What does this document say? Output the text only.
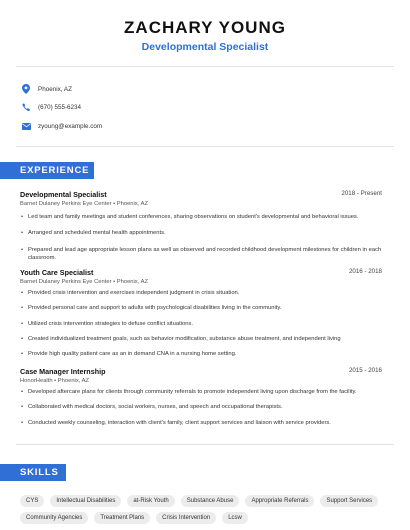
ZACHARY YOUNG
Developmental Specialist
Phoenix, AZ
(670) 555-6234
zyoung@example.com
EXPERIENCE
Developmental Specialist	2018 - Present
Barnet Dulaney Perkins Eye Center • Phoenix, AZ
• Led team and family meetings and student conferences, sharing observations on student's developmental and behavioral issues.
• Arranged and scheduled mental health appointments.
• Prepared and lead age appropriate lesson plans as well as observed and recorded childhood development milestones for children in each classroom.
Youth Care Specialist	2016 - 2018
Barnet Dulaney Perkins Eye Center • Phoenix, AZ
• Provided crisis intervention and exercises independent judgment in crisis situation.
• Provided personal care and support to adults with psychological disabilities living in the community.
• Utilized crisis intervention strategies to defuse conflict situations.
• Created individualized treatment goals, such as behavior modification, substance abuse treatment, and independent living
• Provide high quality patient care as an in demand CNA in a nursing home setting.
Case Manager Internship	2015 - 2016
HonorHealth • Phoenix, AZ
• Developed aftercare plans for clients through community referrals to promote independent living upon discharge from the facility.
• Collaborated with medical doctors, social workers, nurses, and speech and occupational therapists.
• Conducted weekly counseling, interaction with client's family, client support services and liaison with service providers.
SKILLS
CYS	Intellectual Disabilities	at-Risk Youth	Substance Abuse	Appropriate Referrals	Support Services
Community Agencies	Treatment Plans	Crisis Intervention	Lcsw
